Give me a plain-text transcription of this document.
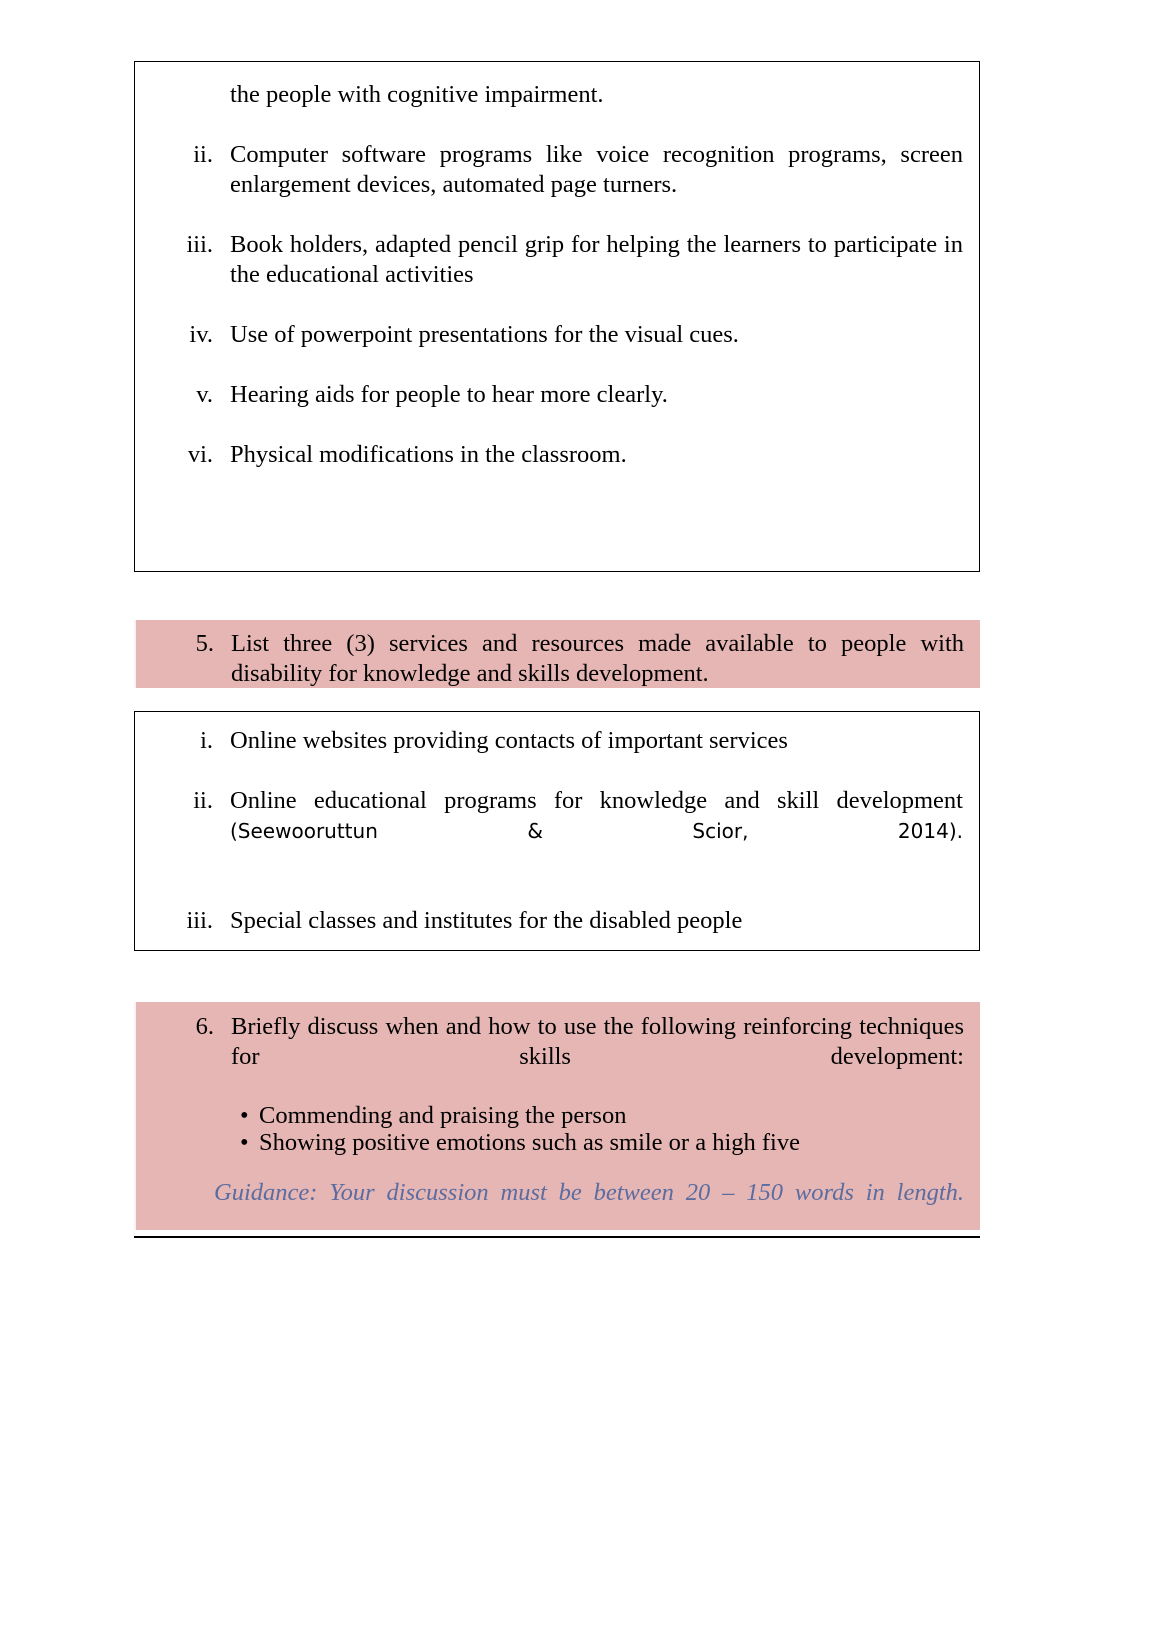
the people with cognitive impairment.
ii. Computer software programs like voice recognition programs, screen enlargement devices, automated page turners.
iii. Book holders, adapted pencil grip for helping the learners to participate in the educational activities
iv. Use of powerpoint presentations for the visual cues.
v. Hearing aids for people to hear more clearly.
vi. Physical modifications in the classroom.
5. List three (3) services and resources made available to people with disability for knowledge and skills development.
i. Online websites providing contacts of important services
ii. Online educational programs for knowledge and skill development (Seewooruttun & Scior, 2014).
iii. Special classes and institutes for the disabled people
6. Briefly discuss when and how to use the following reinforcing techniques for skills development:
• Commending and praising the person
• Showing positive emotions such as smile or a high five
Guidance: Your discussion must be between 20 – 150 words in length.
